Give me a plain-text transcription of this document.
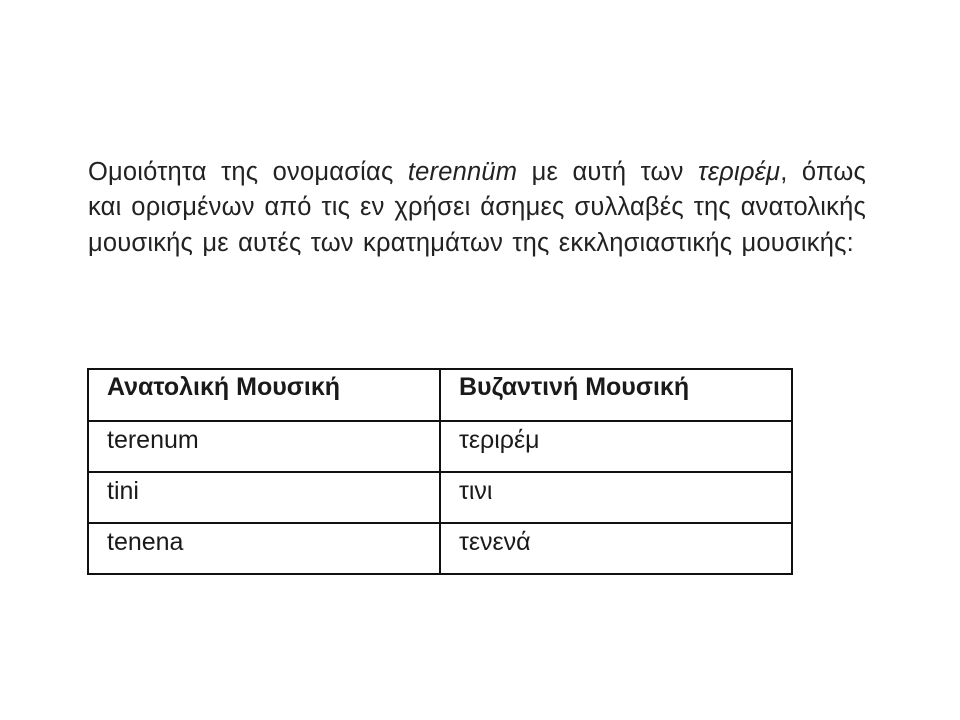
Ομοιότητα της ονομασίας terennüm με αυτή των τεριρέμ, όπως και ορισμένων από τις εν χρήσει άσημες συλλαβές της ανατολικής μουσικής με αυτές των κρατημάτων της εκκλησιαστικής μουσικής:

Ανατολική Μουσική	Βυζαντινή Μουσική
terenum	τεριρέμ
tini	τινι
tenena	τενενά
